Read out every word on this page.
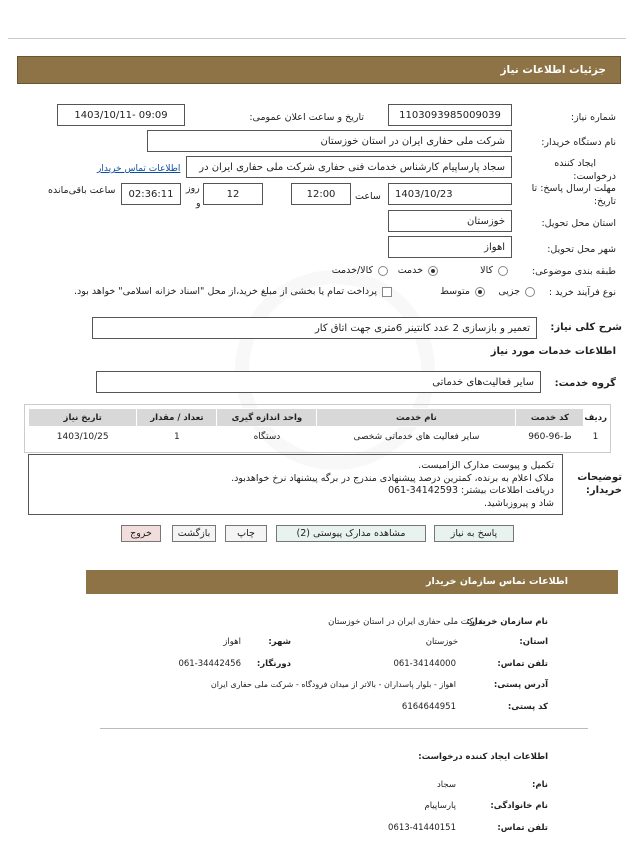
جزئیات اطلاعات نیاز
شماره نیاز:
1103093985009039
تاریخ و ساعت اعلان عمومی:
1403/10/11- 09:09
نام دستگاه خریدار:
شرکت ملی حفاری ایران در استان خوزستان
ایجاد کننده
درخواست:
سجاد پارساپیام کارشناس خدمات فنی حفاری شرکت ملی حفاری ایران در
اطلاعات تماس خریدار
مهلت ارسال پاسخ: تا
تاریخ:
1403/10/23
ساعت
12:00
12
روز
و
02:36:11
ساعت باقی‌مانده
استان محل تحویل:
خوزستان
شهر محل تحویل:
اهواز
طبقه بندی موضوعی:
کالا
خدمت
کالا/خدمت
نوع فرآیند خرید :
جزیی
متوسط
پرداخت تمام یا بخشی از مبلغ خرید،از محل "اسناد خزانه اسلامی" خواهد بود.
شرح کلی نیاز:
تعمیر و بازسازی 2 عدد کانتینر 6متری جهت اتاق کار
اطلاعات خدمات مورد نیاز
گروه خدمت:
سایر فعالیت‌های خدماتی
ردیف	کد خدمت	نام خدمت	واحد اندازه گیری	تعداد / مقدار	تاریخ نیاز
1	ط-96-960	سایر فعالیت های خدماتی شخصی	دستگاه	1	1403/10/25
توضیحات
خریدار:
تکمیل و پیوست مدارک الزامیست.
ملاک اعلام به برنده، کمترین درصد پیشنهادی مندرج در برگه پیشنهاد نرخ خواهدبود.
دریافت اطلاعات بیشتر: 34142593-061
شاد و پیروزباشید.
پاسخ به نیاز
مشاهده مدارک پیوستی (2)
چاپ
بازگشت
خروج
اطلاعات تماس سازمان خریدار
نام سازمان خریدار:
شرکت ملی حفاری ایران در استان خوزستان
استان:
خوزستان
شهر:
اهواز
تلفن تماس:
061-34144000
دورنگار:
061-34442456
آدرس پستی:
اهواز - بلوار پاسداران - بالاتر از میدان فرودگاه - شرکت ملی حفاری ایران
کد پستی:
6164644951
اطلاعات ایجاد کننده درخواست:
نام:
سجاد
نام خانوادگی:
پارساپیام
تلفن تماس:
0613-41440151
